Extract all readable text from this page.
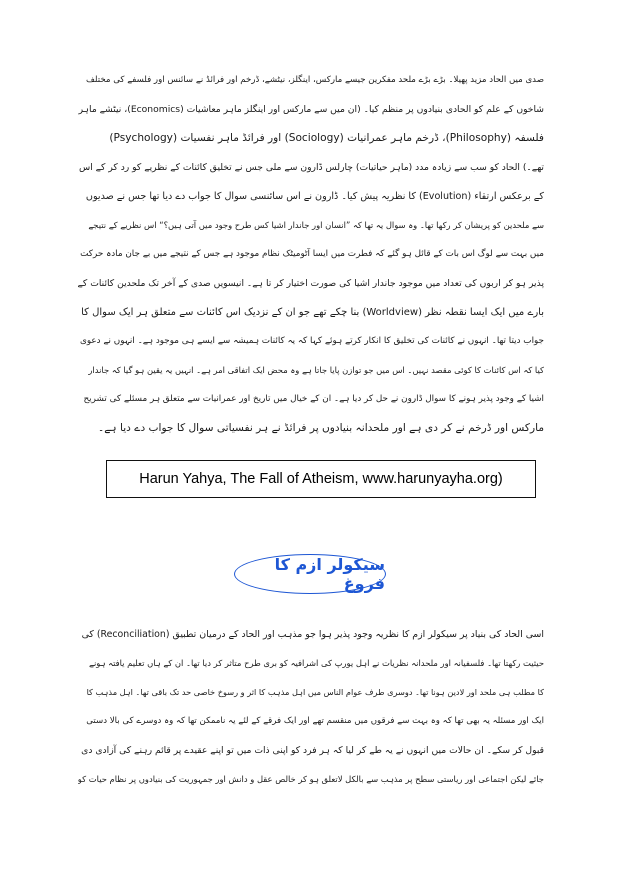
صدی میں الحاد مزید پھیلا۔ بڑے بڑے ملحد مفکرین جیسے مارکس، اینگلز، نیٹشے، ڈرخم اور فرائڈ نے سائنس اور فلسفے کی مختلف

شاخوں کے علم کو الحادی بنیادوں پر منظم کیا۔ (ان میں سے مارکس اور اینگلز ماہر معاشیات (Economics)، نیٹشے ماہر

فلسفہ (Philosophy)، ڈرخم ماہر عمرانیات (Sociology) اور فرائڈ ماہر نفسیات (Psychology)

تھے۔) الحاد کو سب سے زیادہ مدد (ماہر حیاتیات) چارلس ڈارون سے ملی جس نے تخلیق کائنات کے نظریے کو رد کر کے اس

کے برعکس ارتقاء (Evolution) کا نظریہ پیش کیا۔ ڈارون نے اس سائنسی سوال کا جواب دے دیا تھا جس نے صدیوں

سے ملحدین کو پریشان کر رکھا تھا۔ وہ سوال یہ تھا کہ ”انسان اور جاندار اشیا کس طرح وجود میں آتی ہیں؟“ اس نظریے کے نتیجے

میں بہت سے لوگ اس بات کے قائل ہو گئے کہ فطرت میں ایسا آٹومیٹک نظام موجود ہے جس کے نتیجے میں بے جان مادہ حرکت

پذیر ہو کر اربوں کی تعداد میں موجود جاندار اشیا کی صورت اختیار کر تا ہے۔ انیسویں صدی کے آخر تک ملحدین کائنات کے

بارے میں ایک ایسا نقطہ نظر (Worldview) بنا چکے تھے جو ان کے نزدیک اس کائنات سے متعلق ہر ایک سوال کا

جواب دیتا تھا۔ انہوں نے کائنات کی تخلیق کا انکار کرتے ہوئے کہا کہ یہ کائنات ہمیشہ سے ایسے ہی موجود ہے۔ انہوں نے دعوی

کیا کہ اس کائنات کا کوئی مقصد نہیں۔ اس میں جو توازن پایا جاتا ہے وہ محض ایک اتفاقی امر ہے۔ انہیں یہ یقین ہو گیا کہ جاندار

اشیا کے وجود پذیر ہونے کا سوال ڈارون نے حل کر دیا ہے۔ ان کے خیال میں تاریخ اور عمرانیات سے متعلق ہر مسئلے کی تشریح

مارکس اور ڈرخم نے کر دی ہے اور ملحدانہ بنیادوں پر فرائڈ نے ہر نفسیاتی سوال کا جواب دے دیا ہے۔

Harun Yahya, The Fall of Atheism, www.harunyayha.org)
سیکولر ازم کا فروغ

اسی الحاد کی بنیاد پر سیکولر ازم کا نظریہ وجود پذیر ہوا جو مذہب اور الحاد کے درمیان تطبیق (Reconciliation) کی

حیثیت رکھتا تھا۔ فلسفیانہ اور ملحدانہ نظریات نے اہل یورپ کی اشرافیہ کو بری طرح متاثر کر دیا تھا۔ ان کے ہاں تعلیم یافتہ ہونے

کا مطلب ہی ملحد اور لادین ہونا تھا۔ دوسری طرف عوام الناس میں اہل مذہب کا اثر و رسوخ خاصی حد تک باقی تھا۔ اہل مذہب کا

ایک اور مسئلہ یہ بھی تھا کہ وہ بہت سے فرقوں میں منقسم تھے اور ایک فرقے کے لئے یہ ناممکن تھا کہ وہ دوسرے کی بالا دستی

قبول کر سکے۔ ان حالات میں انہوں نے یہ طے کر لیا کہ ہر فرد کو اپنی ذات میں تو اپنے عقیدے پر قائم رہنے کی آزادی دی

جائے لیکن اجتماعی اور ریاستی سطح پر مذہب سے بالکل لاتعلق ہو کر خالص عقل و دانش اور جمہوریت کی بنیادوں پر نظام حیات کو
